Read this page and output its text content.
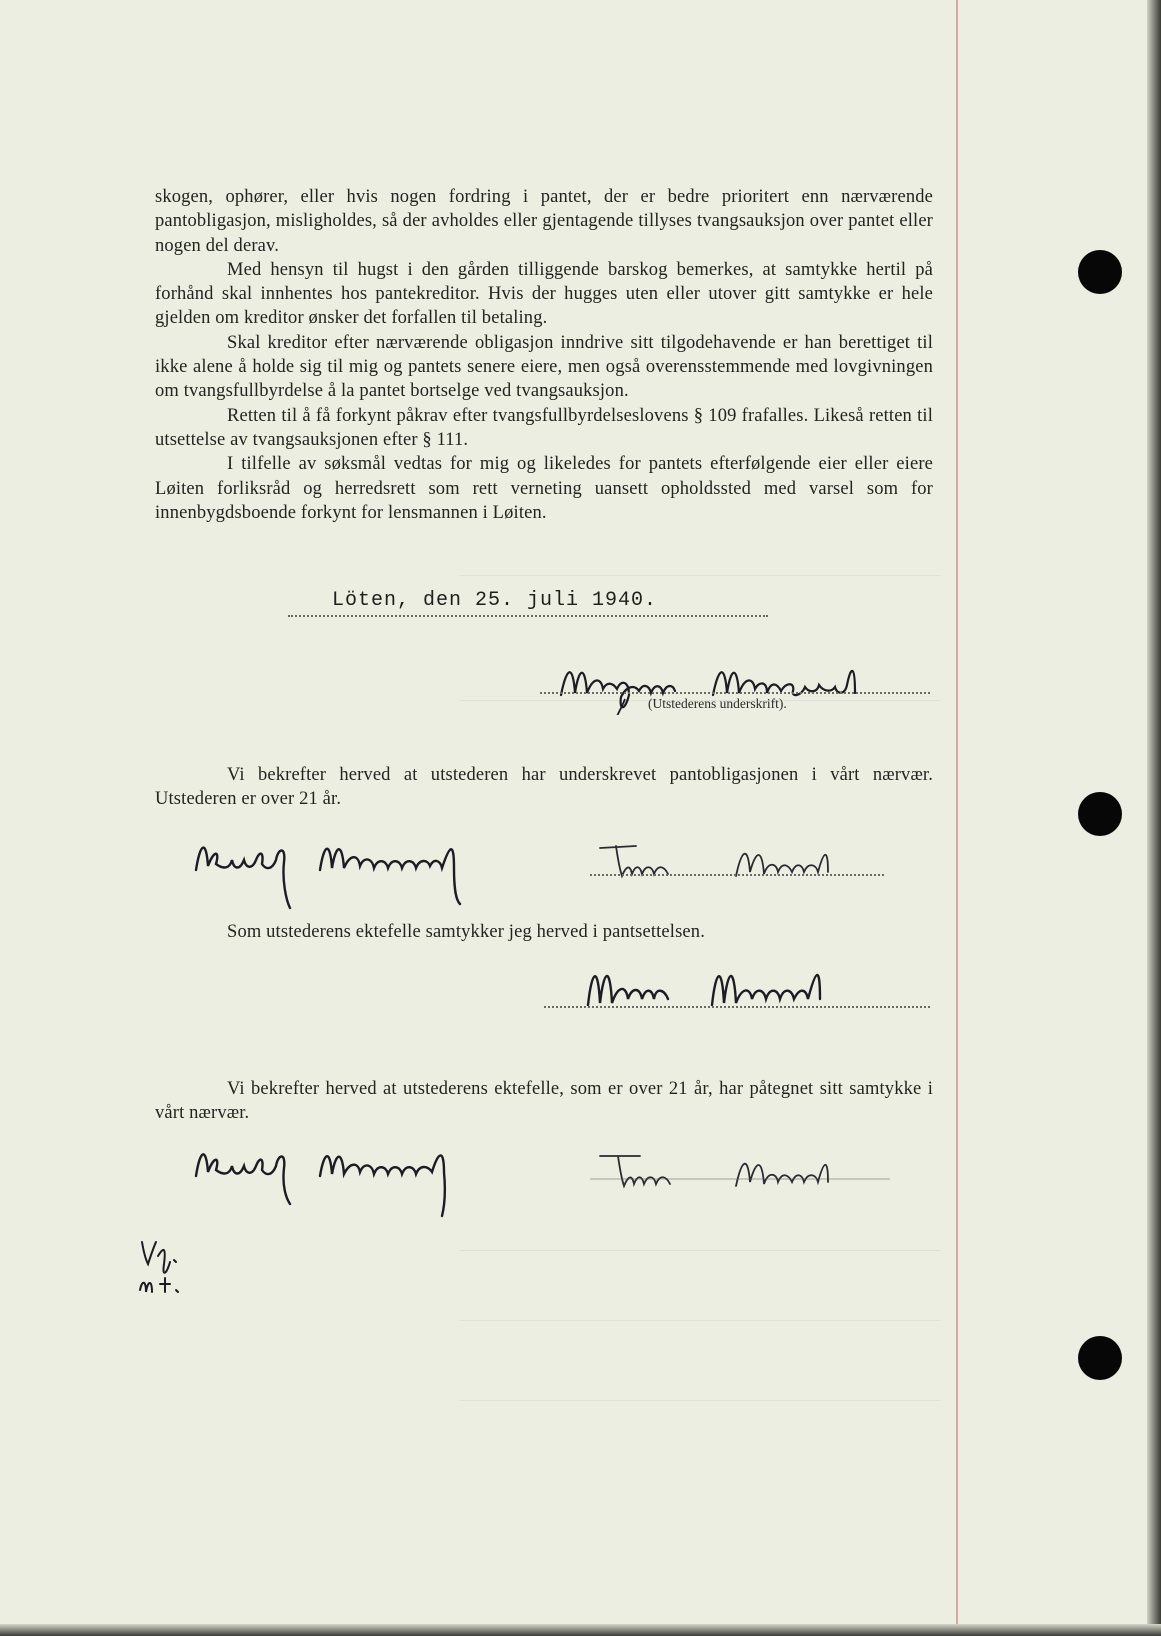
skogen, ophører, eller hvis nogen fordring i pantet, der er bedre prioritert enn nærværende pantobligasjon, misligholdes, så der avholdes eller gjentagende tillyses tvangsauksjon over pantet eller nogen del derav.

Med hensyn til hugst i den gården tilliggende barskog bemerkes, at samtykke hertil på forhånd skal innhentes hos pantekreditor. Hvis der hugges uten eller utover gitt samtykke er hele gjelden om kreditor ønsker det forfallen til betaling.

Skal kreditor efter nærværende obligasjon inndrive sitt tilgodehavende er han berettiget til ikke alene å holde sig til mig og pantets senere eiere, men også overensstemmende med lovgivningen om tvangsfullbyrdelse å la pantet bortselge ved tvangsauksjon.

Retten til å få forkynt påkrav efter tvangsfullbyrdelseslovens § 109 frafalles. Likeså retten til utsettelse av tvangsauksjonen efter § 111.

I tilfelle av søksmål vedtas for mig og likeledes for pantets efterfølgende eier eller eiere Løiten forliksråd og herredsrett som rett verneting uansett opholdssted med varsel som for innenbygdsboende forkynt for lensmannen i Løiten.

Löten, den 25. juli 1940.
(Utstederens underskrift).

Vi bekrefter herved at utstederen har underskrevet pantobligasjonen i vårt nærvær. Utstederen er over 21 år.

Som utstederens ektefelle samtykker jeg herved i pantsettelsen.

Vi bekrefter herved at utstederens ektefelle, som er over 21 år, har påtegnet sitt samtykke i vårt nærvær.
